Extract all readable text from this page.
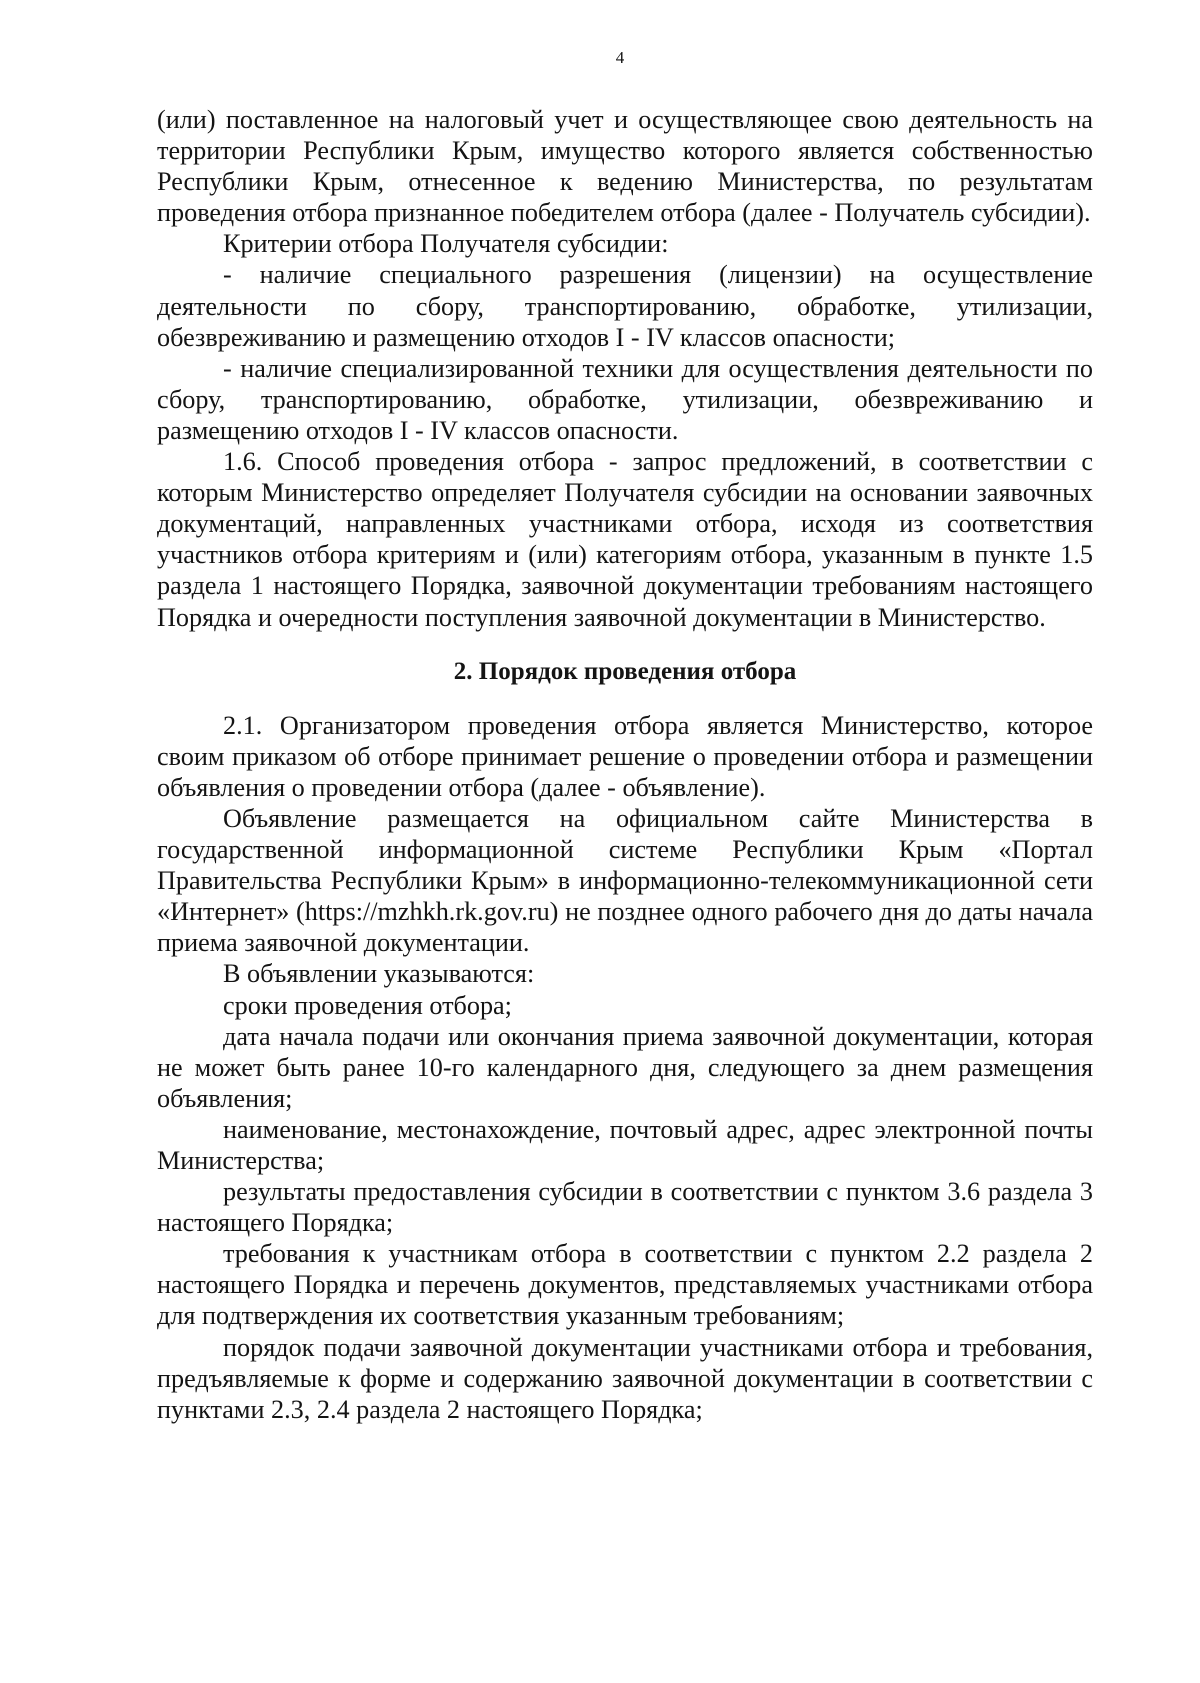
4

(или) поставленное на налоговый учет и осуществляющее свою деятельность на территории Республики Крым, имущество которого является собственностью Республики Крым, отнесенное к ведению Министерства, по результатам проведения отбора признанное победителем отбора (далее - Получатель субсидии).

Критерии отбора Получателя субсидии:

- наличие специального разрешения (лицензии) на осуществление деятельности по сбору, транспортированию, обработке, утилизации, обезвреживанию и размещению отходов I - IV классов опасности;

- наличие специализированной техники для осуществления деятельности по сбору, транспортированию, обработке, утилизации, обезвреживанию и размещению отходов I - IV классов опасности.

1.6. Способ проведения отбора - запрос предложений, в соответствии с которым Министерство определяет Получателя субсидии на основании заявочных документаций, направленных участниками отбора, исходя из соответствия участников отбора критериям и (или) категориям отбора, указанным в пункте 1.5 раздела 1 настоящего Порядка, заявочной документации требованиям настоящего Порядка и очередности поступления заявочной документации в Министерство.

2. Порядок проведения отбора

2.1. Организатором проведения отбора является Министерство, которое своим приказом об отборе принимает решение о проведении отбора и размещении объявления о проведении отбора (далее - объявление).

Объявление размещается на официальном сайте Министерства в государственной информационной системе Республики Крым «Портал Правительства Республики Крым» в информационно-телекоммуникационной сети «Интернет» (https://mzhkh.rk.gov.ru) не позднее одного рабочего дня до даты начала приема заявочной документации.

В объявлении указываются:

сроки проведения отбора;

дата начала подачи или окончания приема заявочной документации, которая не может быть ранее 10-го календарного дня, следующего за днем размещения объявления;

наименование, местонахождение, почтовый адрес, адрес электронной почты Министерства;

результаты предоставления субсидии в соответствии с пунктом 3.6 раздела 3 настоящего Порядка;

требования к участникам отбора в соответствии с пунктом 2.2 раздела 2 настоящего Порядка и перечень документов, представляемых участниками отбора для подтверждения их соответствия указанным требованиям;

порядок подачи заявочной документации участниками отбора и требования, предъявляемые к форме и содержанию заявочной документации в соответствии с пунктами 2.3, 2.4 раздела 2 настоящего Порядка;
